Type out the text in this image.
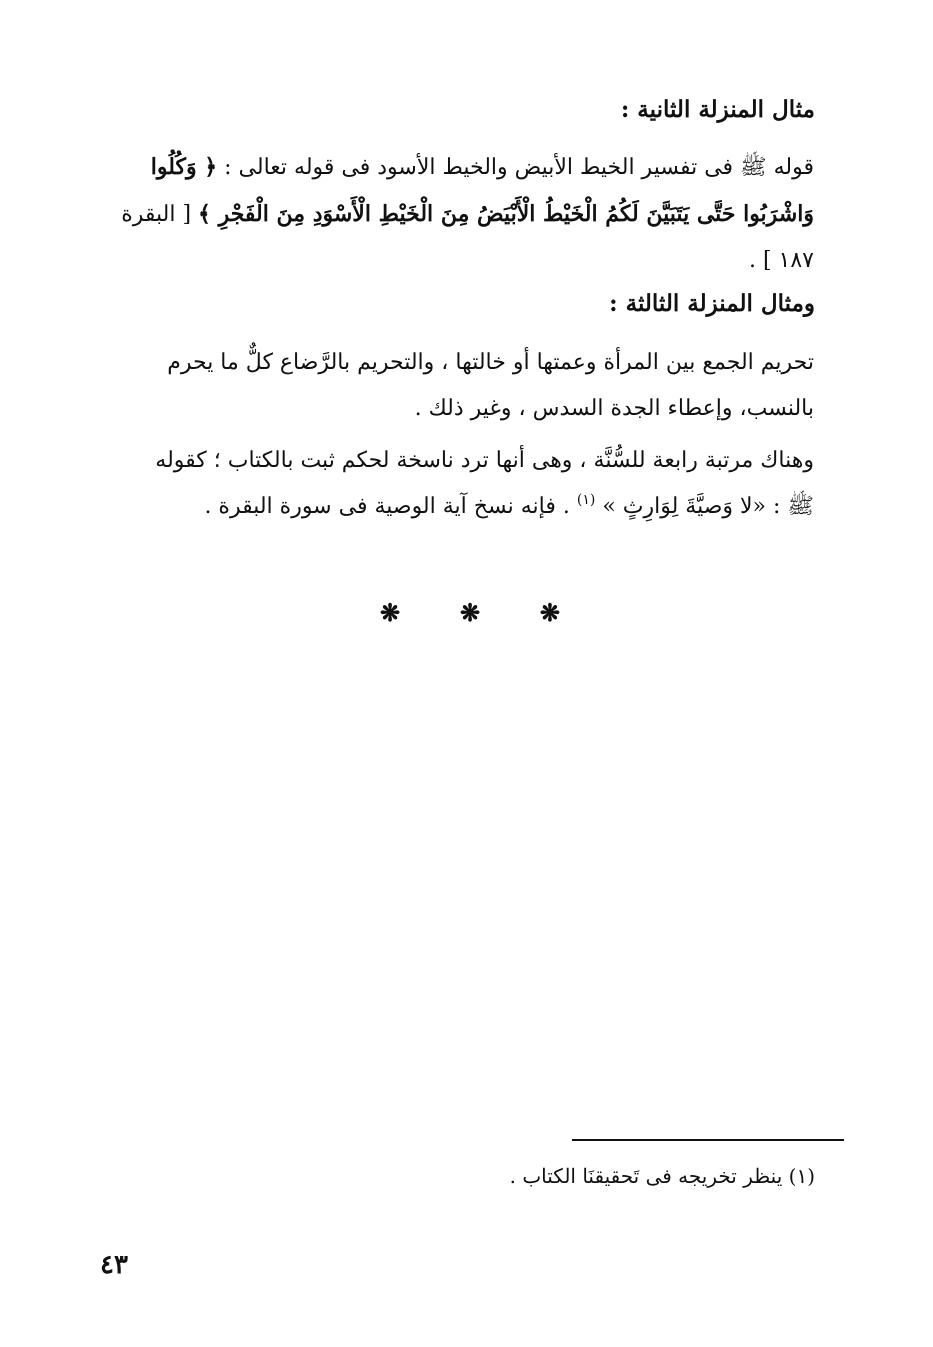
مثال المنزلة الثانية :
قوله ﷺ فى تفسير الخيط الأبيض والخيط الأسود فى قوله تعالى : ﴿ وَكُلُوا
وَاشْرَبُوا حَتَّى يَتَبَيَّنَ لَكُمُ الْخَيْطُ الْأَبْيَضُ مِنَ الْخَيْطِ الْأَسْوَدِ مِنَ الْفَجْرِ ﴾ [ البقرة
١٨٧ ] .
ومثال المنزلة الثالثة :
تحريم الجمع بين المرأة وعمتها أو خالتها ، والتحريم بالرَّضاع كلٌّ ما يحرم
بالنسب، وإعطاء الجدة السدس ، وغير ذلك .
وهناك مرتبة رابعة للسُّنَّة ، وهى أنها ترد ناسخة لحكم ثبت بالكتاب ؛ كقوله
ﷺ : «لا وَصيَّةَ لِوَارِثٍ » $^{(١)}$ . فإنه نسخ آية الوصية فى سورة البقرة .
❋ ❋ ❋
(١) ينظر تخريجه فى تَحقيقنَا الكتاب .
٤٣
